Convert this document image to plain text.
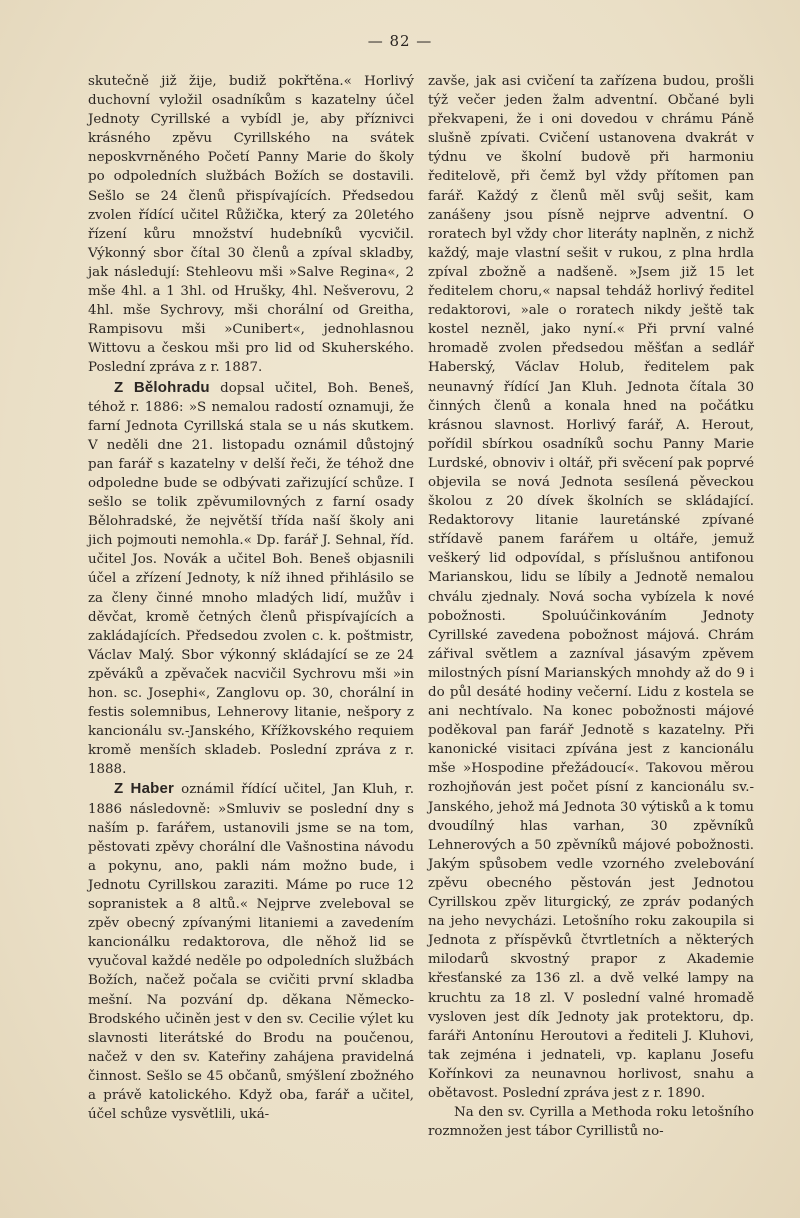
— 82 —

skutečně již žije, budiž pokřtěna.« Horlivý duchovní vyložil osadníkům s kazatelny účel Jednoty Cyrillské a vybídl je, aby příznivci krásného zpěvu Cyrillského na svátek neposkvrněného Početí Panny Marie do školy po odpoledních službách Božích se dostavili. Sešlo se 24 členů přispívajících. Předsedou zvolen řídící učitel Růžička, který za 20letého řízení kůru množství hudebníků vycvičil. Výkonný sbor čítal 30 členů a zpíval skladby, jak následují: Stehleovu mši »Salve Regina«, 2 mše 4hl. a 1 3hl. od Hrušky, 4hl. Nešverovu, 2 4hl. mše Sychrovy, mši chorální od Greitha, Rampisovu mši »Cunibert«, jednohlasnou Wittovu a českou mši pro lid od Skuherského. Poslední zpráva z r. 1887.

Z Bělohradu dopsal učitel, Boh. Beneš, téhož r. 1886: »S nemalou radostí oznamuji, že farní Jednota Cyrillská stala se u nás skutkem. V neděli dne 21. listopadu oznámil důstojný pan farář s kazatelny v delší řeči, že téhož dne odpoledne bude se odbývati zařizující schůze. I sešlo se tolik zpěvumilovných z farní osady Bělohradské, že největší třída naší školy ani jich pojmouti nemohla.« Dp. farář J. Sehnal, říd. učitel Jos. Novák a učitel Boh. Beneš objasnili účel a zřízení Jednoty, k níž ihned přihlásilo se za členy činné mnoho mladých lidí, mužův i děvčat, kromě četných členů přispívajících a zakládajících. Předsedou zvolen c. k. poštmistr, Václav Malý. Sbor výkonný skládající se ze 24 zpěváků a zpěvaček nacvičil Sychrovu mši »in hon. sc. Josephi«, Zanglovu op. 30, chorální in festis solemnibus, Lehnerovy litanie, nešpory z kancionálu sv.-Janského, Křížkovského requiem kromě menších skladeb. Poslední zpráva z r. 1888.

Z Haber oznámil řídící učitel, Jan Kluh, r. 1886 následovně: »Smluviv se poslední dny s naším p. farářem, ustanovili jsme se na tom, pěstovati zpěvy chorální dle Vašnostina návodu a pokynu, ano, pakli nám možno bude, i Jednotu Cyrillskou zaraziti. Máme po ruce 12 sopranistek a 8 altů.« Nejprve zveleboval se zpěv obecný zpívanými litaniemi a zavedením kancionálku redaktorova, dle něhož lid se vyučoval každé neděle po odpoledních službách Božích, načež počala se cvičiti první skladba mešní. Na pozvání dp. děkana Německo-Brodského učiněn jest v den sv. Cecilie výlet ku slavnosti literátské do Brodu na poučenou, načež v den sv. Kateřiny zahájena pravidelná činnost. Sešlo se 45 občanů, smýšlení zbožného a právě katolického. Když oba, farář a učitel, účel schůze vysvětlili, uká-

zavše, jak asi cvičení ta zařízena budou, prošli týž večer jeden žalm adventní. Občané byli překvapeni, že i oni dovedou v chrámu Páně slušně zpívati. Cvičení ustanovena dvakrát v týdnu ve školní budově při harmoniu ředitelově, při čemž byl vždy přítomen pan farář. Každý z členů měl svůj sešit, kam zanášeny jsou písně nejprve adventní. O roratech byl vždy chor literáty naplněn, z nichž každý, maje vlastní sešit v rukou, z plna hrdla zpíval zbožně a nadšeně. »Jsem již 15 let ředitelem choru,« napsal tehdáž horlivý ředitel redaktorovi, »ale o roratech nikdy ještě tak kostel nezněl, jako nyní.« Při první valné hromadě zvolen předsedou měšťan a sedlář Haberský, Václav Holub, ředitelem pak neunavný řídící Jan Kluh. Jednota čítala 30 činných členů a konala hned na počátku krásnou slavnost. Horlivý farář, A. Herout, pořídil sbírkou osadníků sochu Panny Marie Lurdské, obnoviv i oltář, při svěcení pak poprvé objevila se nová Jednota sesílená pěveckou školou z 20 dívek školních se skládající. Redaktorovy litanie lauretánské zpívané střídavě panem farářem u oltáře, jemuž veškerý lid odpovídal, s příslušnou antifonou Marianskou, lidu se líbily a Jednotě nemalou chválu zjednaly. Nová socha vybízela k nové pobožnosti. Spoluúčinkováním Jednoty Cyrillské zavedena pobožnost májová. Chrám zářival světlem a zazníval jásavým zpěvem milostných písní Marianských mnohdy až do 9 i do půl desáté hodiny večerní. Lidu z kostela se ani nechtívalo. Na konec pobožnosti májové poděkoval pan farář Jednotě s kazatelny. Při kanonické visitaci zpívána jest z kancionálu mše »Hospodine přežádoucí«. Takovou měrou rozhojňován jest počet písní z kancionálu sv.-Janského, jehož má Jednota 30 výtisků a k tomu dvoudílný hlas varhan, 30 zpěvníků Lehnerových a 50 zpěvníků májové pobožnosti. Jakým spůsobem vedle vzorného zvelebování zpěvu obecného pěstován jest Jednotou Cyrillskou zpěv liturgický, ze zpráv podaných na jeho nevycházi. Letošního roku zakoupila si Jednota z příspěvků čtvrtletních a některých milodarů skvostný prapor z Akademie křesťanské za 136 zl. a dvě velké lampy na kruchtu za 18 zl. V poslední valné hromadě vysloven jest dík Jednoty jak protektoru, dp. faráři Antonínu Heroutovi a řediteli J. Kluhovi, tak zejména i jednateli, vp. kaplanu Josefu Kořínkovi za neunavnou horlivost, snahu a obětavost. Poslední zpráva jest z r. 1890.

Na den sv. Cyrilla a Methoda roku letošního rozmnožen jest tábor Cyrillistů no-
